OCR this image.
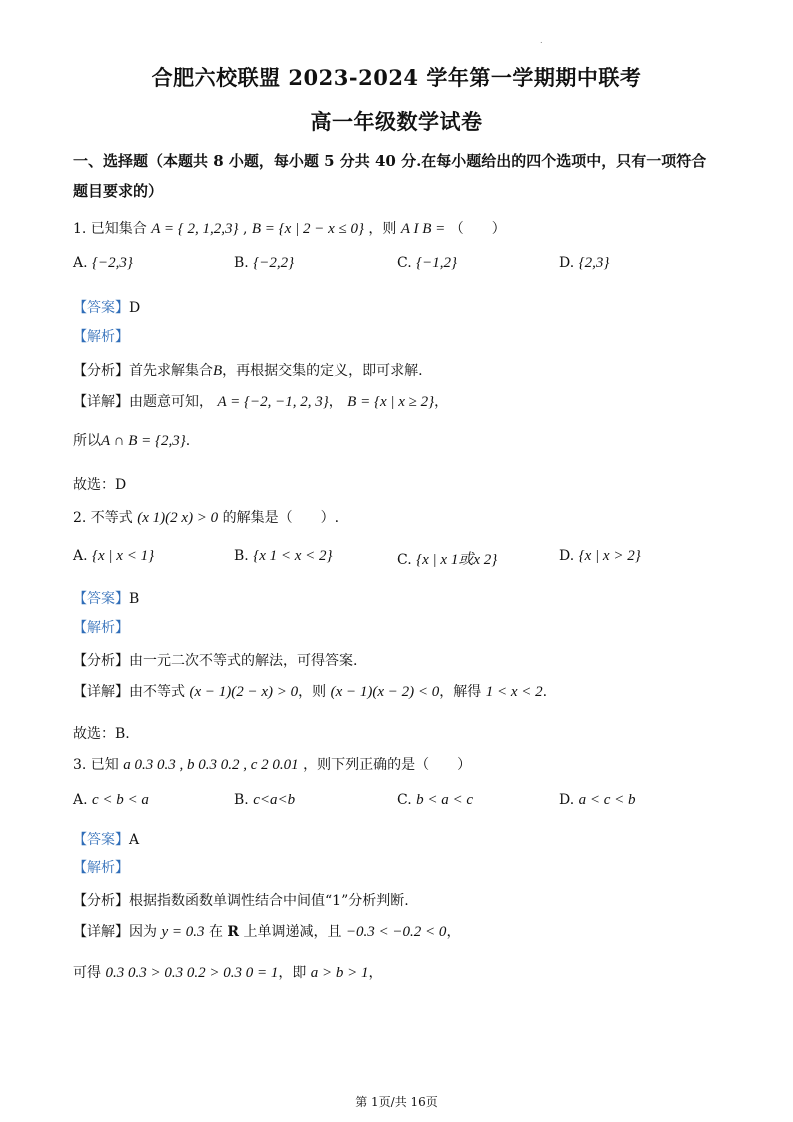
.
合肥六校联盟 2023-2024 学年第一学期期中联考
高一年级数学试卷
一、选择题（本题共 8 小题，每小题 5 分共 40 分.在每小题给出的四个选项中，只有一项符合
题目要求的）
1. 已知集合 A = { 2, 1,2,3} , B = {x | 2 − x ≤ 0} ，则 A I B = （　　）
A. {−2,3}	B. {−2,2}	C. {−1,2}	D. {2,3}
【答案】D
【解析】
【分析】首先求解集合B，再根据交集的定义，即可求解.
【详解】由题意可知， A = {−2, −1, 2, 3}， B = {x | x ≥ 2}，
所以A ∩ B = {2,3}.
故选：D
2. 不等式 (x 1)(2 x) > 0 的解集是（　　）.
A. {x | x < 1}	B. {x 1 < x < 2}	C. {x | x 1或x 2}	D. {x | x > 2}
【答案】B
【解析】
【分析】由一元二次不等式的解法，可得答案.
【详解】由不等式 (x − 1)(2 − x) > 0，则 (x − 1)(x − 2) < 0，解得 1 < x < 2.
故选：B.
3. 已知 a 0.3 0.3 , b 0.3 0.2 , c 2 0.01 ，则下列正确的是（　　）
A. c < b < a	B. c<a<b	C. b < a < c	D. a < c < b
【答案】A
【解析】
【分析】根据指数函数单调性结合中间值“1”分析判断.
【详解】因为 y = 0.3 在 R 上单调递减，且 −0.3 < −0.2 < 0，
可得 0.3 0.3 > 0.3 0.2 > 0.3 0 = 1，即 a > b > 1，
第 1页/共 16页
